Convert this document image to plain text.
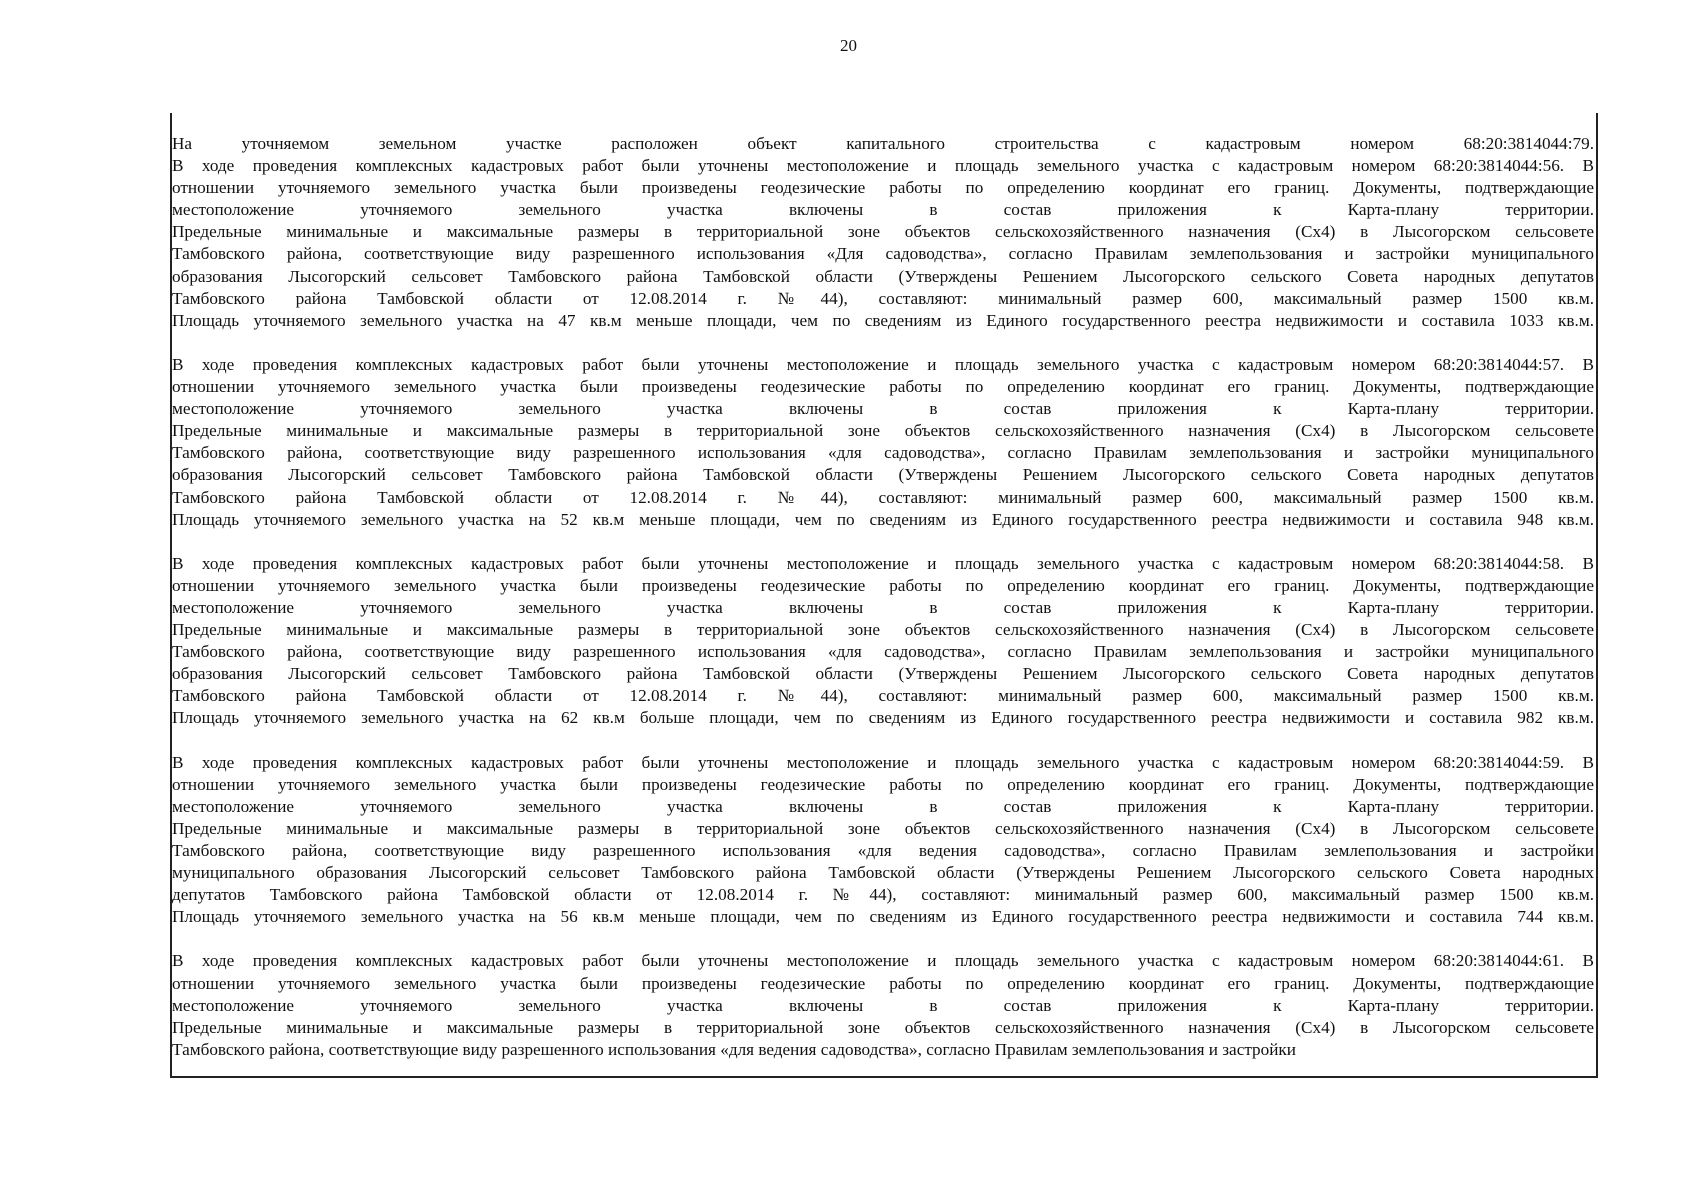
20
На уточняемом земельном участке расположен объект капитального строительства с кадастровым номером 68:20:3814044:79.
В ходе проведения комплексных кадастровых работ были уточнены местоположение и площадь земельного участка с кадастровым номером 68:20:3814044:56. В
отношении уточняемого земельного участка были произведены геодезические работы по определению координат его границ. Документы, подтверждающие
местоположение уточняемого земельного участка включены в состав приложения к Карта-плану территории.
Предельные минимальные и максимальные размеры в территориальной зоне объектов сельскохозяйственного назначения (Сх4) в Лысогорском сельсовете
Тамбовского района, соответствующие виду разрешенного использования «Для садоводства», согласно Правилам землепользования и застройки муниципального
образования Лысогорский сельсовет Тамбовского района Тамбовской области (Утверждены Решением Лысогорского сельского Совета народных депутатов
Тамбовского района Тамбовской области от 12.08.2014 г. №44), составляют: минимальный размер 600, максимальный размер 1500 кв.м.
Площадь уточняемого земельного участка на 47 кв.м меньше площади, чем по сведениям из Единого государственного реестра недвижимости и составила 1033 кв.м.
В ходе проведения комплексных кадастровых работ были уточнены местоположение и площадь земельного участка с кадастровым номером 68:20:3814044:57. В
отношении уточняемого земельного участка были произведены геодезические работы по определению координат его границ. Документы, подтверждающие
местоположение уточняемого земельного участка включены в состав приложения к Карта-плану территории.
Предельные минимальные и максимальные размеры в территориальной зоне объектов сельскохозяйственного назначения (Сх4) в Лысогорском сельсовете
Тамбовского района, соответствующие виду разрешенного использования «для садоводства», согласно Правилам землепользования и застройки муниципального
образования Лысогорский сельсовет Тамбовского района Тамбовской области (Утверждены Решением Лысогорского сельского Совета народных депутатов
Тамбовского района Тамбовской области от 12.08.2014 г. №44), составляют: минимальный размер 600, максимальный размер 1500 кв.м.
Площадь уточняемого земельного участка на 52 кв.м меньше площади, чем по сведениям из Единого государственного реестра недвижимости и составила 948 кв.м.
В ходе проведения комплексных кадастровых работ были уточнены местоположение и площадь земельного участка с кадастровым номером 68:20:3814044:58. В
отношении уточняемого земельного участка были произведены геодезические работы по определению координат его границ. Документы, подтверждающие
местоположение уточняемого земельного участка включены в состав приложения к Карта-плану территории.
Предельные минимальные и максимальные размеры в территориальной зоне объектов сельскохозяйственного назначения (Сх4) в Лысогорском сельсовете
Тамбовского района, соответствующие виду разрешенного использования «для садоводства», согласно Правилам землепользования и застройки муниципального
образования Лысогорский сельсовет Тамбовского района Тамбовской области (Утверждены Решением Лысогорского сельского Совета народных депутатов
Тамбовского района Тамбовской области от 12.08.2014 г. №44), составляют: минимальный размер 600, максимальный размер 1500 кв.м.
Площадь уточняемого земельного участка на 62 кв.м больше площади, чем по сведениям из Единого государственного реестра недвижимости и составила 982 кв.м.
В ходе проведения комплексных кадастровых работ были уточнены местоположение и площадь земельного участка с кадастровым номером 68:20:3814044:59. В
отношении уточняемого земельного участка были произведены геодезические работы по определению координат его границ. Документы, подтверждающие
местоположение уточняемого земельного участка включены в состав приложения к Карта-плану территории.
Предельные минимальные и максимальные размеры в территориальной зоне объектов сельскохозяйственного назначения (Сх4) в Лысогорском сельсовете
Тамбовского района, соответствующие виду разрешенного использования «для ведения садоводства», согласно Правилам землепользования и застройки
муниципального образования Лысогорский сельсовет Тамбовского района Тамбовской области (Утверждены Решением Лысогорского сельского Совета народных
депутатов Тамбовского района Тамбовской области от 12.08.2014 г. №44), составляют: минимальный размер 600, максимальный размер 1500 кв.м.
Площадь уточняемого земельного участка на 56 кв.м меньше площади, чем по сведениям из Единого государственного реестра недвижимости и составила 744 кв.м.
В ходе проведения комплексных кадастровых работ были уточнены местоположение и площадь земельного участка с кадастровым номером 68:20:3814044:61. В
отношении уточняемого земельного участка были произведены геодезические работы по определению координат его границ. Документы, подтверждающие
местоположение уточняемого земельного участка включены в состав приложения к Карта-плану территории.
Предельные минимальные и максимальные размеры в территориальной зоне объектов сельскохозяйственного назначения (Сх4) в Лысогорском сельсовете
Тамбовского района, соответствующие виду разрешенного использования «для ведения садоводства», согласно Правилам землепользования и застройки
